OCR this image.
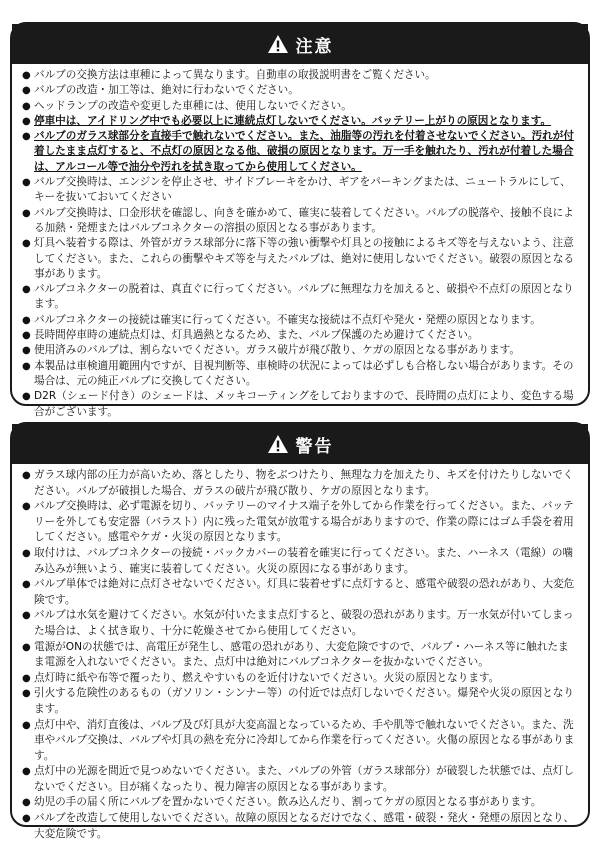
注意

● バルブの交換方法は車種によって異なります。自動車の取扱説明書をご覧ください。

● バルブの改造・加工等は、絶対に行わないでください。

● ヘッドランプの改造や変更した車種には、使用しないでください。

● 停車中は、アイドリング中でも必要以上に連続点灯しないでください。バッテリー上がりの原因となります。

● バルブのガラス球部分を直接手で触れないでください。また、油脂等の汚れを付着させないでください。汚れが付着したまま点灯すると、不点灯の原因となる他、破損の原因となります。万一手を触れたり、汚れが付着した場合は、アルコール等で油分や汚れを拭き取ってから使用してください。

● バルブ交換時は、エンジンを停止させ、サイドブレーキをかけ、ギアをパーキングまたは、ニュートラルにして、キーを抜いておいてください

● バルブ交換時は、口金形状を確認し、向きを確かめて、確実に装着してください。バルブの脱落や、接触不良による加熱・発煙またはバルブコネクターの溶損の原因となる事があります。

● 灯具へ装着する際は、外管がガラス球部分に落下等の強い衝撃や灯具との接触によるキズ等を与えないよう、注意してください。また、これらの衝撃やキズ等を与えたバルブは、絶対に使用しないでください。破裂の原因となる事があります。

● バルブコネクターの脱着は、真直ぐに行ってください。バルブに無理な力を加えると、破損や不点灯の原因となります。

● バルブコネクターの接続は確実に行ってください。不確実な接続は不点灯や発火・発煙の原因となります。

● 長時間停車時の連続点灯は、灯具過熱となるため、また、バルブ保護のため避けてください。

● 使用済みのバルブは、割らないでください。ガラス破片が飛び散り、ケガの原因となる事があります。

● 本製品は車検適用範囲内ですが、目視判断等、車検時の状況によっては必ずしも合格しない場合があります。その場合は、元の純正バルブに交換してください。

● D2R（シェード付き）のシェードは、メッキコーティングをしておりますので、長時間の点灯により、変色する場合がございます。

警告

● ガラス球内部の圧力が高いため、落としたり、物をぶつけたり、無理な力を加えたり、キズを付けたりしないでください。バルブが破損した場合、ガラスの破片が飛び散り、ケガの原因となります。

● バルブ交換時は、必ず電源を切り、バッテリーのマイナス端子を外してから作業を行ってください。また、バッテリーを外しても安定器（バラスト）内に残った電気が放電する場合がありますので、作業の際にはゴム手袋を着用してください。感電やケガ・火災の原因となります。

● 取付けは、バルブコネクターの接続・バックカバーの装着を確実に行ってください。また、ハーネス（電線）の噛み込みが無いよう、確実に装着してください。火災の原因になる事があります。

● バルブ単体では絶対に点灯させないでください。灯具に装着せずに点灯すると、感電や破裂の恐れがあり、大変危険です。

● バルブは水気を避けてください。水気が付いたまま点灯すると、破裂の恐れがあります。万一水気が付いてしまった場合は、よく拭き取り、十分に乾燥させてから使用してください。

● 電源がONの状態では、高電圧が発生し、感電の恐れがあり、大変危険ですので、バルブ・ハーネス等に触れたまま電源を入れないでください。また、点灯中は絶対にバルブコネクターを抜かないでください。

● 点灯時に紙や布等で覆ったり、燃えやすいものを近付けないでください。火災の原因となります。

● 引火する危険性のあるもの（ガソリン・シンナー等）の付近では点灯しないでください。爆発や火災の原因となります。

● 点灯中や、消灯直後は、バルブ及び灯具が大変高温となっているため、手や肌等で触れないでください。また、洗車やバルブ交換は、バルブや灯具の熱を充分に冷却してから作業を行ってください。火傷の原因となる事があります。

● 点灯中の光源を間近で見つめないでください。また、バルブの外管（ガラス球部分）が破裂した状態では、点灯しないでください。目が痛くなったり、視力障害の原因となる事があります。

● 幼児の手の届く所にバルブを置かないでください。飲み込んだり、割ってケガの原因となる事があります。

● バルブを改造して使用しないでください。故障の原因となるだけでなく、感電・破裂・発火・発煙の原因となり、大変危険です。
